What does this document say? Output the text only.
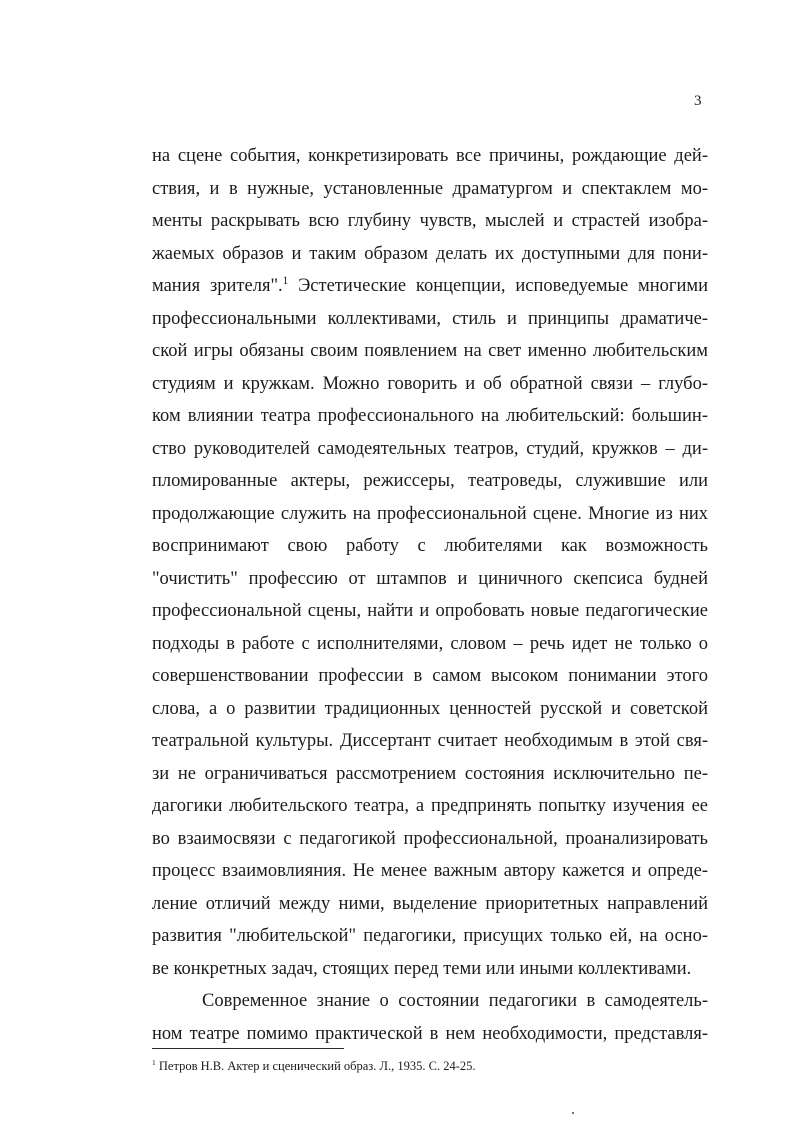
3
на сцене события, конкретизировать все причины, рождающие дей-
ствия, и в нужные, установленные драматургом и спектаклем мо-
менты раскрывать всю глубину чувств, мыслей и страстей изобра-
жаемых образов и таким образом делать их доступными для пони-
мания зрителя".$^1$ Эстетические концепции, исповедуемые многими
профессиональными коллективами, стиль и принципы драматиче-
ской игры обязаны своим появлением на свет именно любительским
студиям и кружкам. Можно говорить и об обратной связи – глубо-
ком влиянии театра профессионального на любительский: большин-
ство руководителей самодеятельных театров, студий, кружков – ди-
пломированные актеры, режиссеры, театроведы, служившие или
продолжающие служить на профессиональной сцене. Многие из них
воспринимают свою работу с любителями как возможность
"очистить" профессию от штампов и циничного скепсиса будней
профессиональной сцены, найти и опробовать новые педагогические
подходы в работе с исполнителями, словом – речь идет не только о
совершенствовании профессии в самом высоком понимании этого
слова, а о развитии традиционных ценностей русской и советской
театральной культуры. Диссертант считает необходимым в этой свя-
зи не ограничиваться рассмотрением состояния исключительно пе-
дагогики любительского театра, а предпринять попытку изучения ее
во взаимосвязи с педагогикой профессиональной, проанализировать
процесс взаимовлияния. Не менее важным автору кажется и опреде-
ление отличий между ними, выделение приоритетных направлений
развития "любительской" педагогики, присущих только ей, на осно-
ве конкретных задач, стоящих перед теми или иными коллективами.
Современное знание о состоянии педагогики в самодеятель-
ном театре помимо практической в нем необходимости, представля-
$^1$ Петров Н.В. Актер и сценический образ. Л., 1935. С. 24-25.
